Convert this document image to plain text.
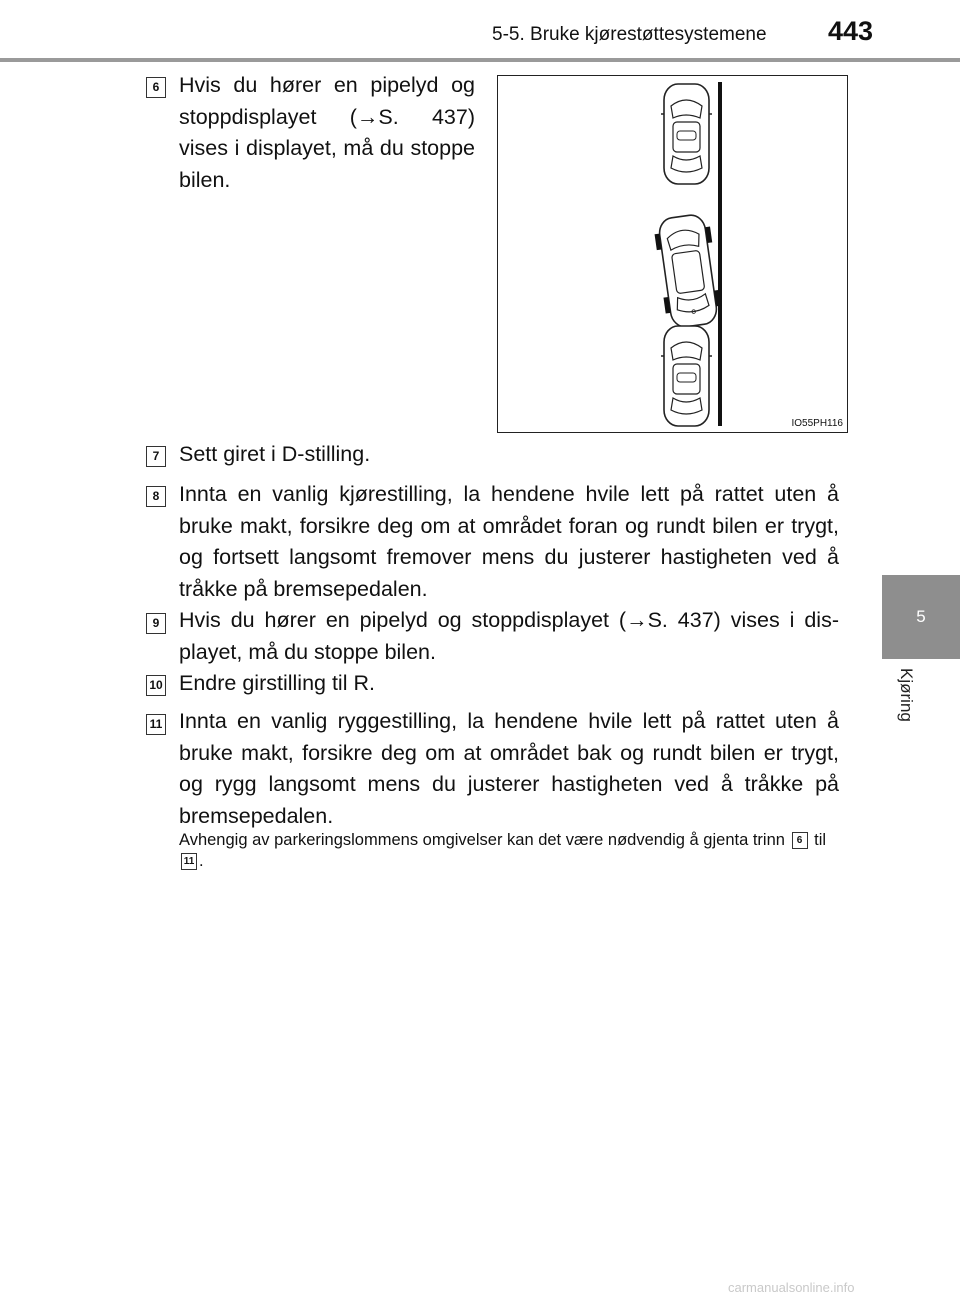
5-5. Bruke kjørestøttesystemene 443
5
Kjøring
6 Hvis du hører en pipelyd og stoppdisplayet (→S. 437) vises i displayet, må du stoppe bilen.
IO55PH116
7 Sett giret i D-stilling.
8 Innta en vanlig kjørestilling, la hendene hvile lett på rattet uten å bruke makt, forsikre deg om at området foran og rundt bilen er trygt, og fortsett langsomt fremover mens du justerer hastigheten ved å tråkke på bremsepedalen.
9 Hvis du hører en pipelyd og stoppdisplayet (→S. 437) vises i dis-playet, må du stoppe bilen.
10 Endre girstilling til R.
11 Innta en vanlig ryggestilling, la hendene hvile lett på rattet uten å bruke makt, forsikre deg om at området bak og rundt bilen er trygt, og rygg langsomt mens du justerer hastigheten ved å tråkke på bremsepedalen.
Avhengig av parkeringslommens omgivelser kan det være nødvendig å gjenta trinn 6 til 11 .
carmanualsonline.info
